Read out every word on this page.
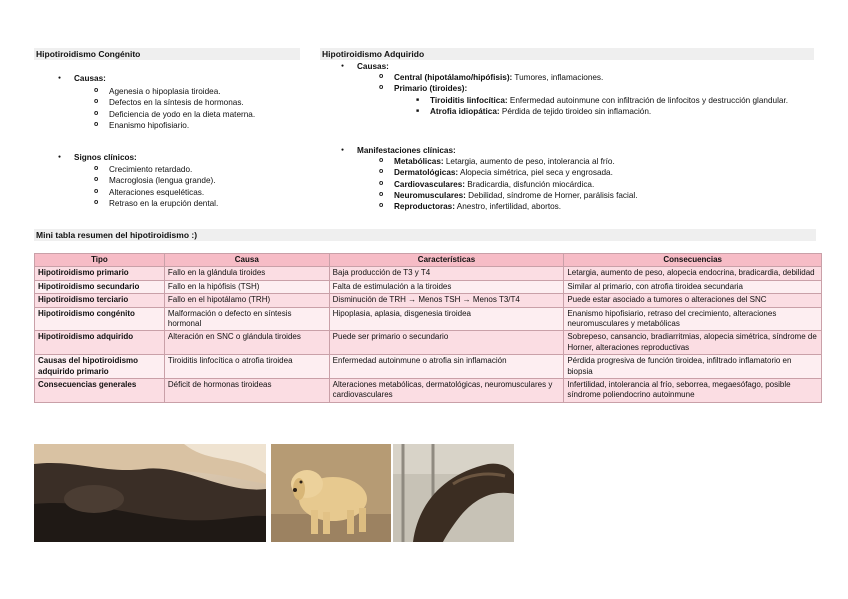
Hipotiroidismo Congénito
● Causas:
o Agenesia o hipoplasia tiroidea.
o Defectos en la síntesis de hormonas.
o Deficiencia de yodo en la dieta materna.
o Enanismo hipofisiario.
● Signos clínicos:
o Crecimiento retardado.
o Macroglosia (lengua grande).
o Alteraciones esqueléticas.
o Retraso en la erupción dental.
Hipotiroidismo Adquirido
● Causas:
o Central (hipotálamo/hipófisis): Tumores, inflamaciones.
o Primario (tiroides):
■ Tiroiditis linfocítica: Enfermedad autoinmune con infiltración de linfocitos y destrucción glandular.
■ Atrofia idiopática: Pérdida de tejido tiroideo sin inflamación.
● Manifestaciones clínicas:
o Metabólicas: Letargia, aumento de peso, intolerancia al frío.
o Dermatológicas: Alopecia simétrica, piel seca y engrosada.
o Cardiovasculares: Bradicardia, disfunción miocárdica.
o Neuromusculares: Debilidad, síndrome de Horner, parálisis facial.
o Reproductoras: Anestro, infertilidad, abortos.
Mini tabla resumen del hipotiroidismo :)
Tipo	Causa	Características	Consecuencias
Hipotiroidismo primario	Fallo en la glándula tiroides	Baja producción de T3 y T4	Letargia, aumento de peso, alopecia endocrina, bradicardia, debilidad
Hipotiroidismo secundario	Fallo en la hipófisis (TSH)	Falta de estimulación a la tiroides	Similar al primario, con atrofia tiroidea secundaria
Hipotiroidismo terciario	Fallo en el hipotálamo (TRH)	Disminución de TRH → Menos TSH → Menos T3/T4	Puede estar asociado a tumores o alteraciones del SNC
Hipotiroidismo congénito	Malformación o defecto en síntesis hormonal	Hipoplasia, aplasia, disgenesia tiroidea	Enanismo hipofisiario, retraso del crecimiento, alteraciones neuromusculares y metabólicas
Hipotiroidismo adquirido	Alteración en SNC o glándula tiroides	Puede ser primario o secundario	Sobrepeso, cansancio, bradiarritmias, alopecia simétrica, síndrome de Horner, alteraciones reproductivas
Causas del hipotiroidismo adquirido primario	Tiroiditis linfocítica o atrofia tiroidea	Enfermedad autoinmune o atrofia sin inflamación	Pérdida progresiva de función tiroidea, infiltrado inflamatorio en biopsia
Consecuencias generales	Déficit de hormonas tiroideas	Alteraciones metabólicas, dermatológicas, neuromusculares y cardiovasculares	Infertilidad, intolerancia al frío, seborrea, megaesófago, posible síndrome poliendocrino autoinmune
